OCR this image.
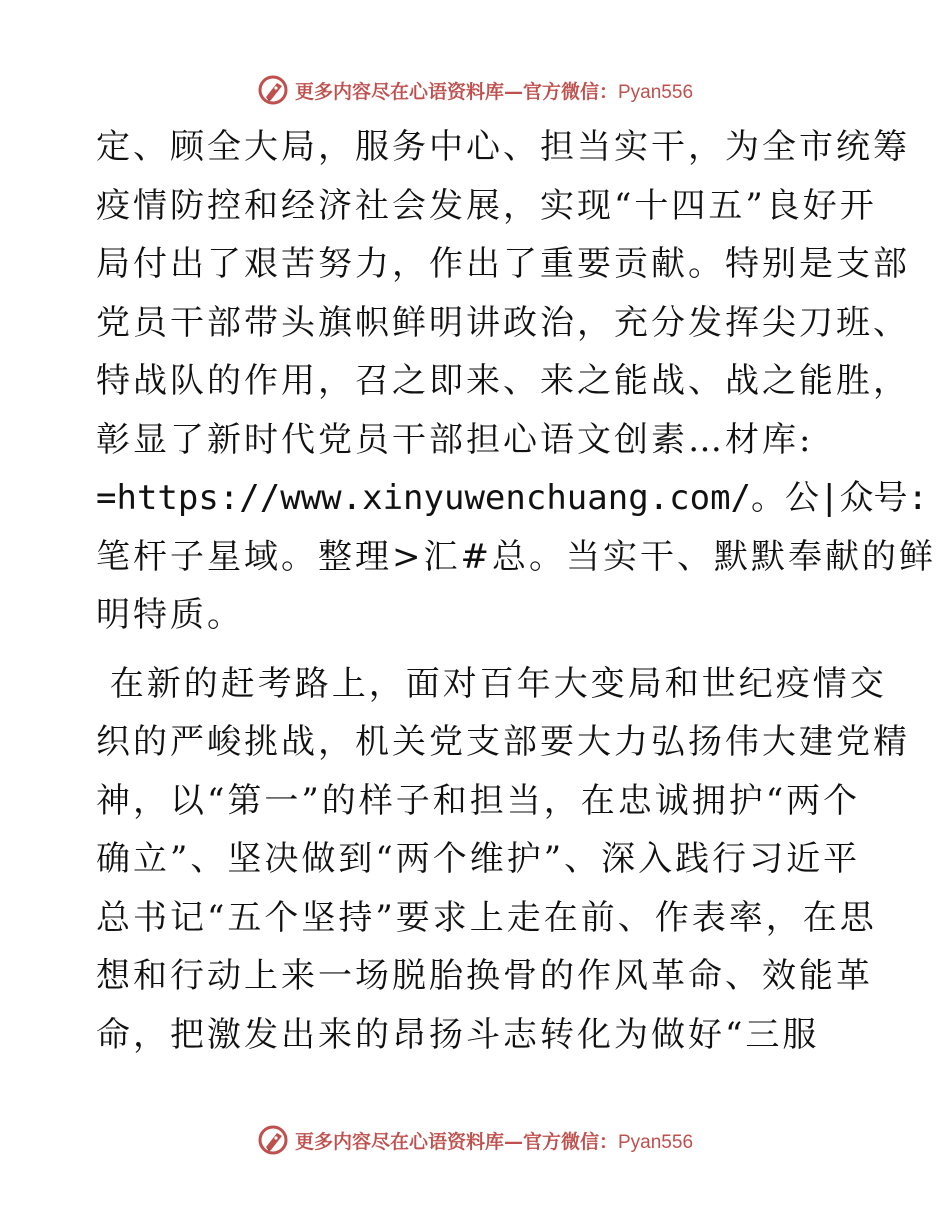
更多内容尽在心语资料库—官方微信：Pyan556
定、顾全大局，服务中心、担当实干，为全市统筹
疫情防控和经济社会发展，实现“十四五”良好开
局付出了艰苦努力，作出了重要贡献。特别是支部
党员干部带头旗帜鲜明讲政治，充分发挥尖刀班、
特战队的作用，召之即来、来之能战、战之能胜，
彰显了新时代党员干部担心语文创素…材库:
=https://www.xinyuwenchuang.com/。公|众号:
笔杆子星域。整理>汇#总。当实干、默默奉献的鲜
明特质。
在新的赶考路上，面对百年大变局和世纪疫情交
织的严峻挑战，机关党支部要大力弘扬伟大建党精
神，以“第一”的样子和担当，在忠诚拥护“两个
确立”、坚决做到“两个维护”、深入践行习近平
总书记“五个坚持”要求上走在前、作表率，在思
想和行动上来一场脱胎换骨的作风革命、效能革
命，把激发出来的昂扬斗志转化为做好“三服
更多内容尽在心语资料库—官方微信：Pyan556
